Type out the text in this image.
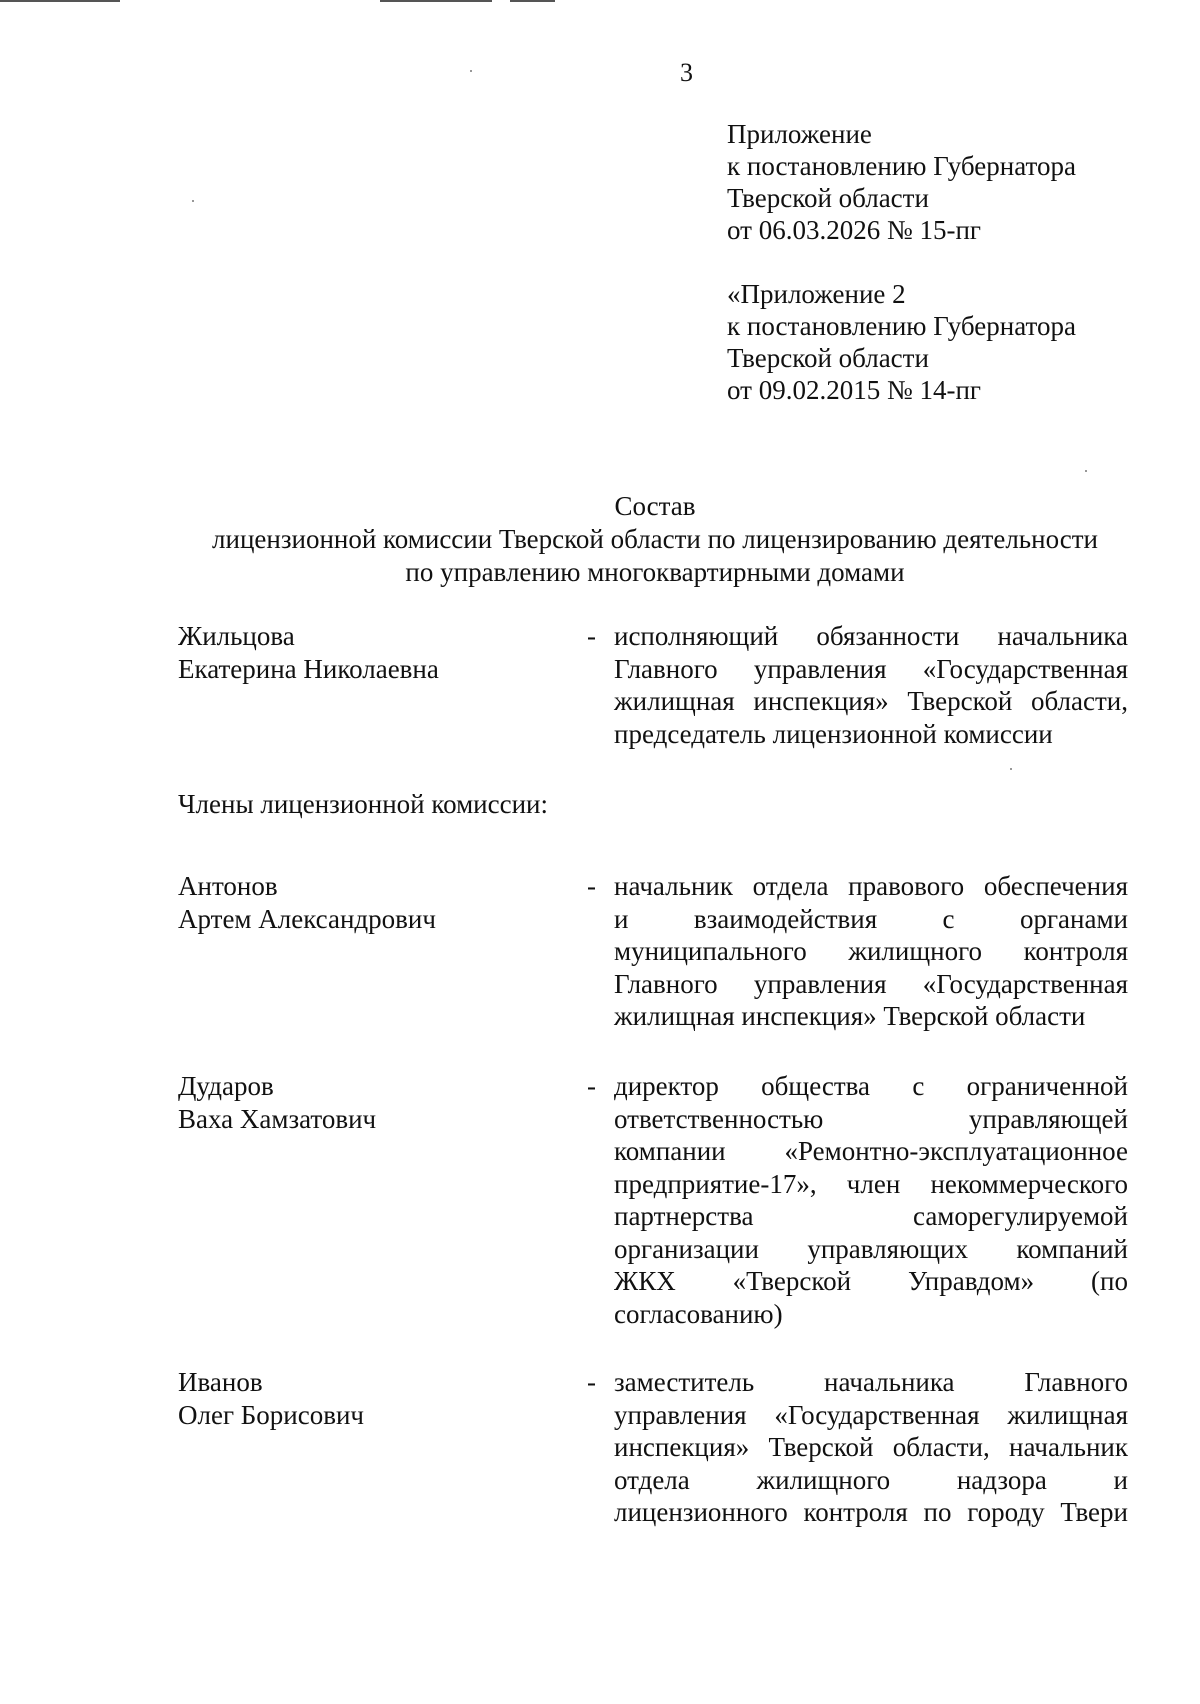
3
Приложение
к постановлению Губернатора
Тверской области
от 06.03.2026 № 15-пг
«Приложение 2
к постановлению Губернатора
Тверской области
от 09.02.2015 № 14-пг
Состав
лицензионной комиссии Тверской области по лицензированию деятельности
по управлению многоквартирными домами
Жильцова
Екатерина Николаевна
- исполняющий обязанности начальника
Главного управления «Государственная
жилищная инспекция» Тверской области,
председатель лицензионной комиссии
Члены лицензионной комиссии:
Антонов
Артем Александрович
- начальник отдела правового обеспечения
и взаимодействия с органами
муниципального жилищного контроля
Главного управления «Государственная
жилищная инспекция» Тверской области
Дударов
Ваха Хамзатович
- директор общества с ограниченной
ответственностью управляющей
компании «Ремонтно-эксплуатационное
предприятие-17», член некоммерческого
партнерства саморегулируемой
организации управляющих компаний
ЖКХ «Тверской Управдом» (по
согласованию)
Иванов
Олег Борисович
- заместитель начальника Главного
управления «Государственная жилищная
инспекция» Тверской области, начальник
отдела жилищного надзора и
лицензионного контроля по городу Твери
